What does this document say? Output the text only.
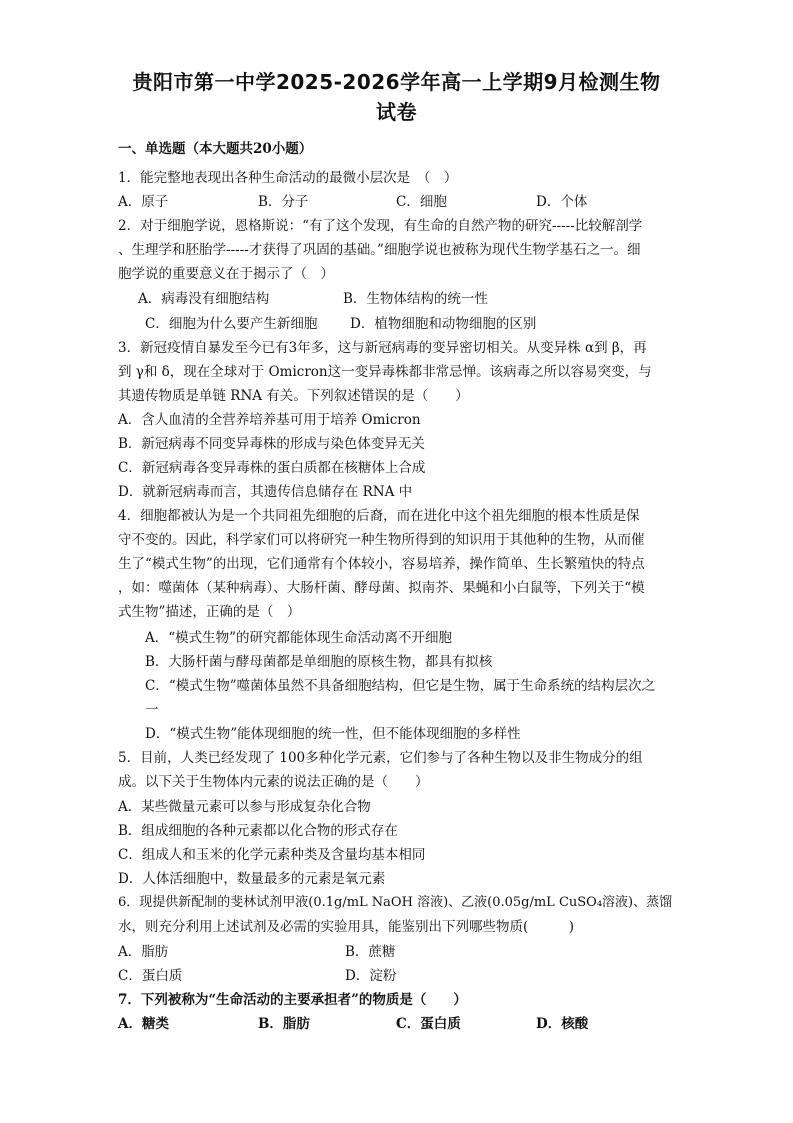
贵阳市第一中学2025-2026学年高一上学期9月检测生物
试卷
一、单选题（本大题共20小题）
1．能完整地表现出各种生命活动的最微小层次是　（　）
A．原子	B．分子	C．细胞	D．个体
2．对于细胞学说，恩格斯说：“有了这个发现，有生命的自然产物的研究-----比较解剖学
、生理学和胚胎学-----才获得了巩固的基础。”细胞学说也被称为现代生物学基石之一。细
胞学说的重要意义在于揭示了（　）
A．病毒没有细胞结构	B．生物体结构的统一性
C．细胞为什么要产生新细胞 D．植物细胞和动物细胞的区别
3．新冠疫情自暴发至今已有3年多，这与新冠病毒的变异密切相关。从变异株 α到 β，再
到 γ和 δ，现在全球对于 Omicron这一变异毒株都非常忌惮。该病毒之所以容易突变，与
其遗传物质是单链 RNA 有关。下列叙述错误的是（　　）
A．含人血清的全营养培养基可用于培养 Omicron
B．新冠病毒不同变异毒株的形成与染色体变异无关
C．新冠病毒各变异毒株的蛋白质都在核糖体上合成
D．就新冠病毒而言，其遗传信息储存在 RNA 中
4．细胞都被认为是一个共同祖先细胞的后裔，而在进化中这个祖先细胞的根本性质是保
守不变的。因此，科学家们可以将研究一种生物所得到的知识用于其他种的生物，从而催
生了“模式生物”的出现，它们通常有个体较小，容易培养，操作简单、生长繁殖快的特点
，如：噬菌体（某种病毒）、大肠杆菌、酵母菌、拟南芥、果蝇和小白鼠等，下列关于“模
式生物”描述，正确的是（　）
A．“模式生物”的研究都能体现生命活动离不开细胞
B．大肠杆菌与酵母菌都是单细胞的原核生物，都具有拟核
C．“模式生物”噬菌体虽然不具备细胞结构，但它是生物，属于生命系统的结构层次之
一
D．“模式生物”能体现细胞的统一性，但不能体现细胞的多样性
5．目前，人类已经发现了 100多种化学元素，它们参与了各种生物以及非生物成分的组
成。以下关于生物体内元素的说法正确的是（　　）
A．某些微量元素可以参与形成复杂化合物
B．组成细胞的各种元素都以化合物的形式存在
C．组成人和玉米的化学元素种类及含量均基本相同
D．人体活细胞中，数量最多的元素是氧元素
6．现提供新配制的斐林试剂甲液(0.1g/mL NaOH 溶液)、乙液(0.05g/mL CuSO₄溶液)、蒸馏
水，则充分利用上述试剂及必需的实验用具，能鉴别出下列哪些物质(　　　)
A．脂肪	B．蔗糖
C．蛋白质	D．淀粉
7．下列被称为“生命活动的主要承担者”的物质是（　　）
A．糖类	B．脂肪	C．蛋白质	D．核酸
